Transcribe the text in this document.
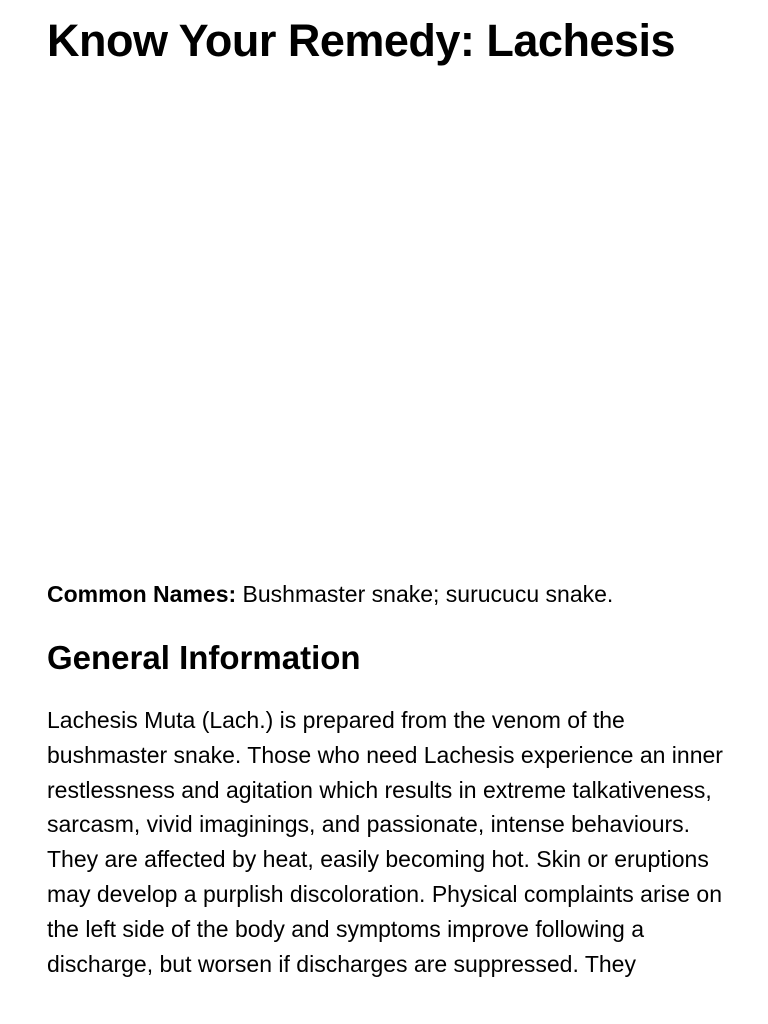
Know Your Remedy: Lachesis

Common Names: Bushmaster snake; surucucu snake.

General Information

Lachesis Muta (Lach.) is prepared from the venom of the bushmaster snake. Those who need Lachesis experience an inner restlessness and agitation which results in extreme talkativeness, sarcasm, vivid imaginings, and passionate, intense behaviours. They are affected by heat, easily becoming hot. Skin or eruptions may develop a purplish discoloration. Physical complaints arise on the left side of the body and symptoms improve following a discharge, but worsen if discharges are suppressed. They
